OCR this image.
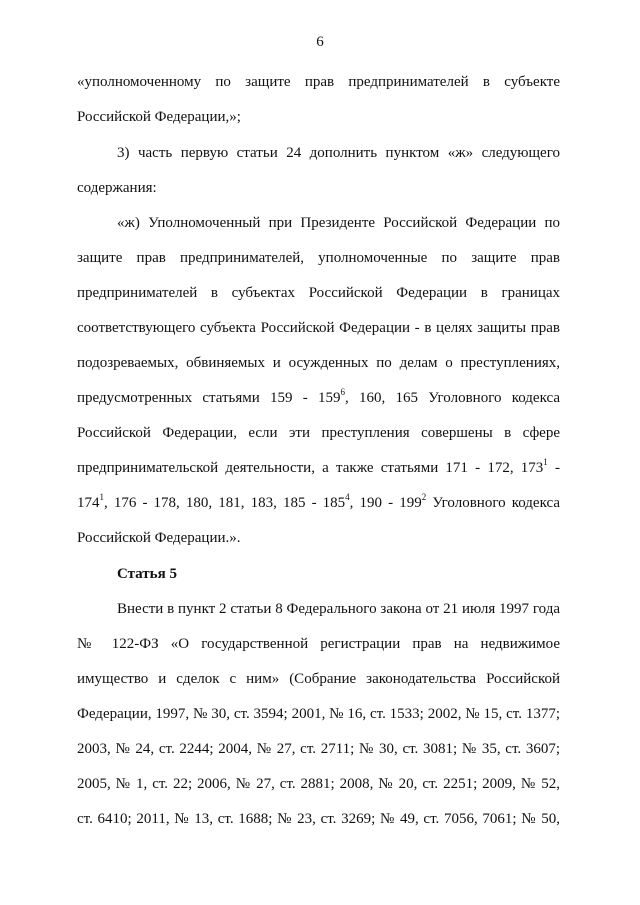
6
«уполномоченному по защите прав предпринимателей в субъекте
Российской Федерации,»;
3) часть первую статьи 24 дополнить пунктом «ж» следующего
содержания:
«ж) Уполномоченный при Президенте Российской Федерации по
защите прав предпринимателей, уполномоченные по защите прав
предпринимателей в субъектах Российской Федерации в границах
соответствующего субъекта Российской Федерации - в целях защиты прав
подозреваемых, обвиняемых и осужденных по делам о преступлениях,
предусмотренных статьями $159 - 159^6$, 160, 165 Уголовного кодекса
Российской Федерации, если эти преступления совершены в сфере
предпринимательской деятельности, а также статьями 171 - 172, $173^1$ -
$174^1$, 176 - 178, 180, 181, 183, $185 - 185^4$, $190 - 199^2$ Уголовного кодекса
Российской Федерации.».
Статья 5
Внести в пункт 2 статьи 8 Федерального закона от 21 июля 1997 года
№ 122-ФЗ «О государственной регистрации прав на недвижимое
имущество и сделок с ним» (Собрание законодательства Российской
Федерации, 1997, № 30, ст. 3594; 2001, № 16, ст. 1533; 2002, № 15, ст. 1377;
2003, № 24, ст. 2244; 2004, № 27, ст. 2711; № 30, ст. 3081; № 35, ст. 3607;
2005, № 1, ст. 22; 2006, № 27, ст. 2881; 2008, № 20, ст. 2251; 2009, № 52,
ст. 6410; 2011, № 13, ст. 1688; № 23, ст. 3269; № 49, ст. 7056, 7061; № 50,
